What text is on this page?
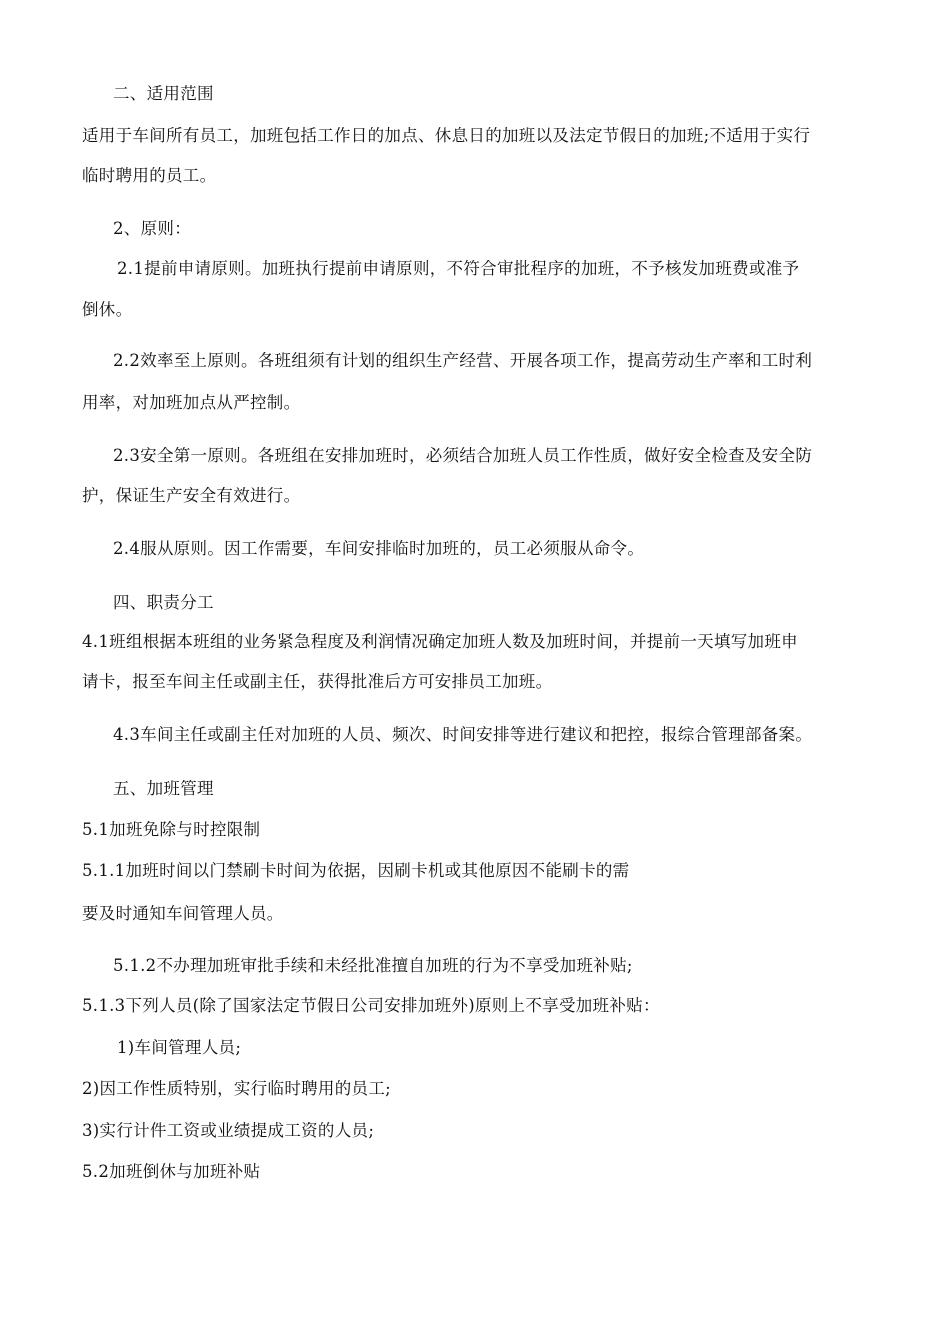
二、适用范围
适用于车间所有员工，加班包括工作日的加点、休息日的加班以及法定节假日的加班;不适用于实行
临时聘用的员工。
2、原则：
2.1提前申请原则。加班执行提前申请原则，不符合审批程序的加班，不予核发加班费或准予
倒休。
2.2效率至上原则。各班组须有计划的组织生产经营、开展各项工作，提高劳动生产率和工时利
用率，对加班加点从严控制。
2.3安全第一原则。各班组在安排加班时，必须结合加班人员工作性质，做好安全检查及安全防
护，保证生产安全有效进行。
2.4服从原则。因工作需要，车间安排临时加班的，员工必须服从命令。
四、职责分工
4.1班组根据本班组的业务紧急程度及利润情况确定加班人数及加班时间，并提前一天填写加班申
请卡，报至车间主任或副主任，获得批准后方可安排员工加班。
4.3车间主任或副主任对加班的人员、频次、时间安排等进行建议和把控，报综合管理部备案。
五、加班管理
5.1加班免除与时控限制
5.1.1加班时间以门禁刷卡时间为依据，因刷卡机或其他原因不能刷卡的需
要及时通知车间管理人员。
5.1.2不办理加班审批手续和未经批准擅自加班的行为不享受加班补贴;
5.1.3下列人员(除了国家法定节假日公司安排加班外)原则上不享受加班补贴：
1)车间管理人员;
2)因工作性质特别，实行临时聘用的员工;
3)实行计件工资或业绩提成工资的人员;
5.2加班倒休与加班补贴
